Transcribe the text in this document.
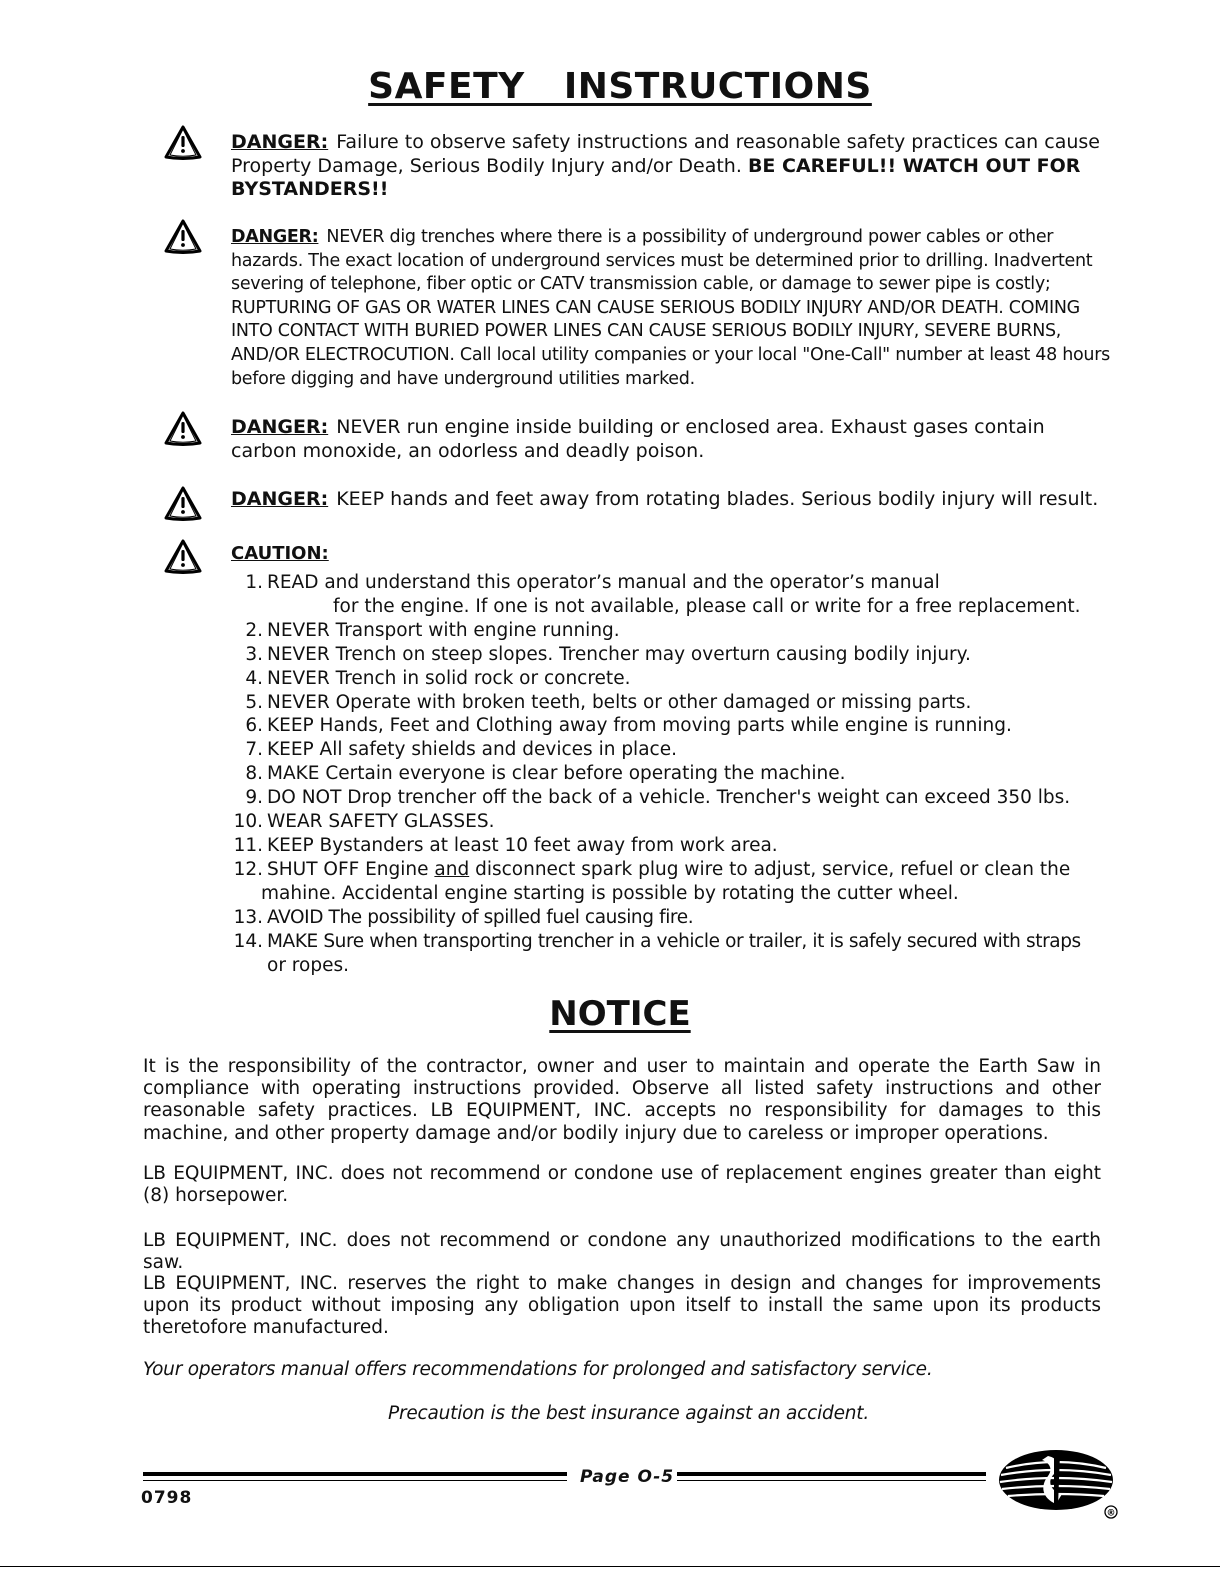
SAFETY   INSTRUCTIONS
DANGER: Failure to observe safety instructions and reasonable safety practices can cause Property Damage, Serious Bodily Injury and/or Death. BE CAREFUL!! WATCH OUT FOR BYSTANDERS!!
DANGER: NEVER dig trenches where there is a possibility of underground power cables or other hazards. The exact location of underground services must be determined prior to drilling. Inadvertent severing of telephone, fiber optic or CATV transmission cable, or damage to sewer pipe is costly; RUPTURING OF GAS OR WATER LINES CAN CAUSE SERIOUS BODILY INJURY AND/OR DEATH. COMING INTO CONTACT WITH BURIED POWER LINES CAN CAUSE SERIOUS BODILY INJURY, SEVERE BURNS, AND/OR ELECTROCUTION. Call local utility companies or your local "One-Call" number at least 48 hours before digging and have underground utilities marked.
DANGER: NEVER run engine inside building or enclosed area. Exhaust gases contain carbon monoxide, an odorless and deadly poison.
DANGER: KEEP hands and feet away from rotating blades. Serious bodily injury will result.
CAUTION:
1. READ and understand this operator’s manual and the operator’s manual
for the engine. If one is not available, please call or write for a free replacement.
2. NEVER Transport with engine running.
3. NEVER Trench on steep slopes. Trencher may overturn causing bodily injury.
4. NEVER Trench in solid rock or concrete.
5. NEVER Operate with broken teeth, belts or other damaged or missing parts.
6. KEEP Hands, Feet and Clothing away from moving parts while engine is running.
7. KEEP All safety shields and devices in place.
8. MAKE Certain everyone is clear before operating the machine.
9. DO NOT Drop trencher off the back of a vehicle. Trencher's weight can exceed 350 lbs.
10. WEAR SAFETY GLASSES.
11. KEEP Bystanders at least 10 feet away from work area.
12. SHUT OFF Engine and disconnect spark plug wire to adjust, service, refuel or clean the
mahine. Accidental engine starting is possible by rotating the cutter wheel.
13. AVOID The possibility of spilled fuel causing fire.
14. MAKE Sure when transporting trencher in a vehicle or trailer, it is safely secured with straps
or ropes.
NOTICE
It is the responsibility of the contractor, owner and user to maintain and operate the Earth Saw in compliance with operating instructions provided. Observe all listed safety instructions and other reasonable safety practices. LB EQUIPMENT, INC. accepts no responsibility for damages to this machine, and other property damage and/or bodily injury due to careless or improper operations.
LB EQUIPMENT, INC. does not recommend or condone use of replacement engines greater than eight (8) horsepower.
LB EQUIPMENT, INC. does not recommend or condone any unauthorized modifications to the earth saw.
LB EQUIPMENT, INC. reserves the right to make changes in design and changes for improvements upon its product without imposing any obligation upon itself to install the same upon its products theretofore manufactured.
Your operators manual offers recommendations for prolonged and satisfactory service.
Precaution is the best insurance against an accident.
Page O-5
0798
®
